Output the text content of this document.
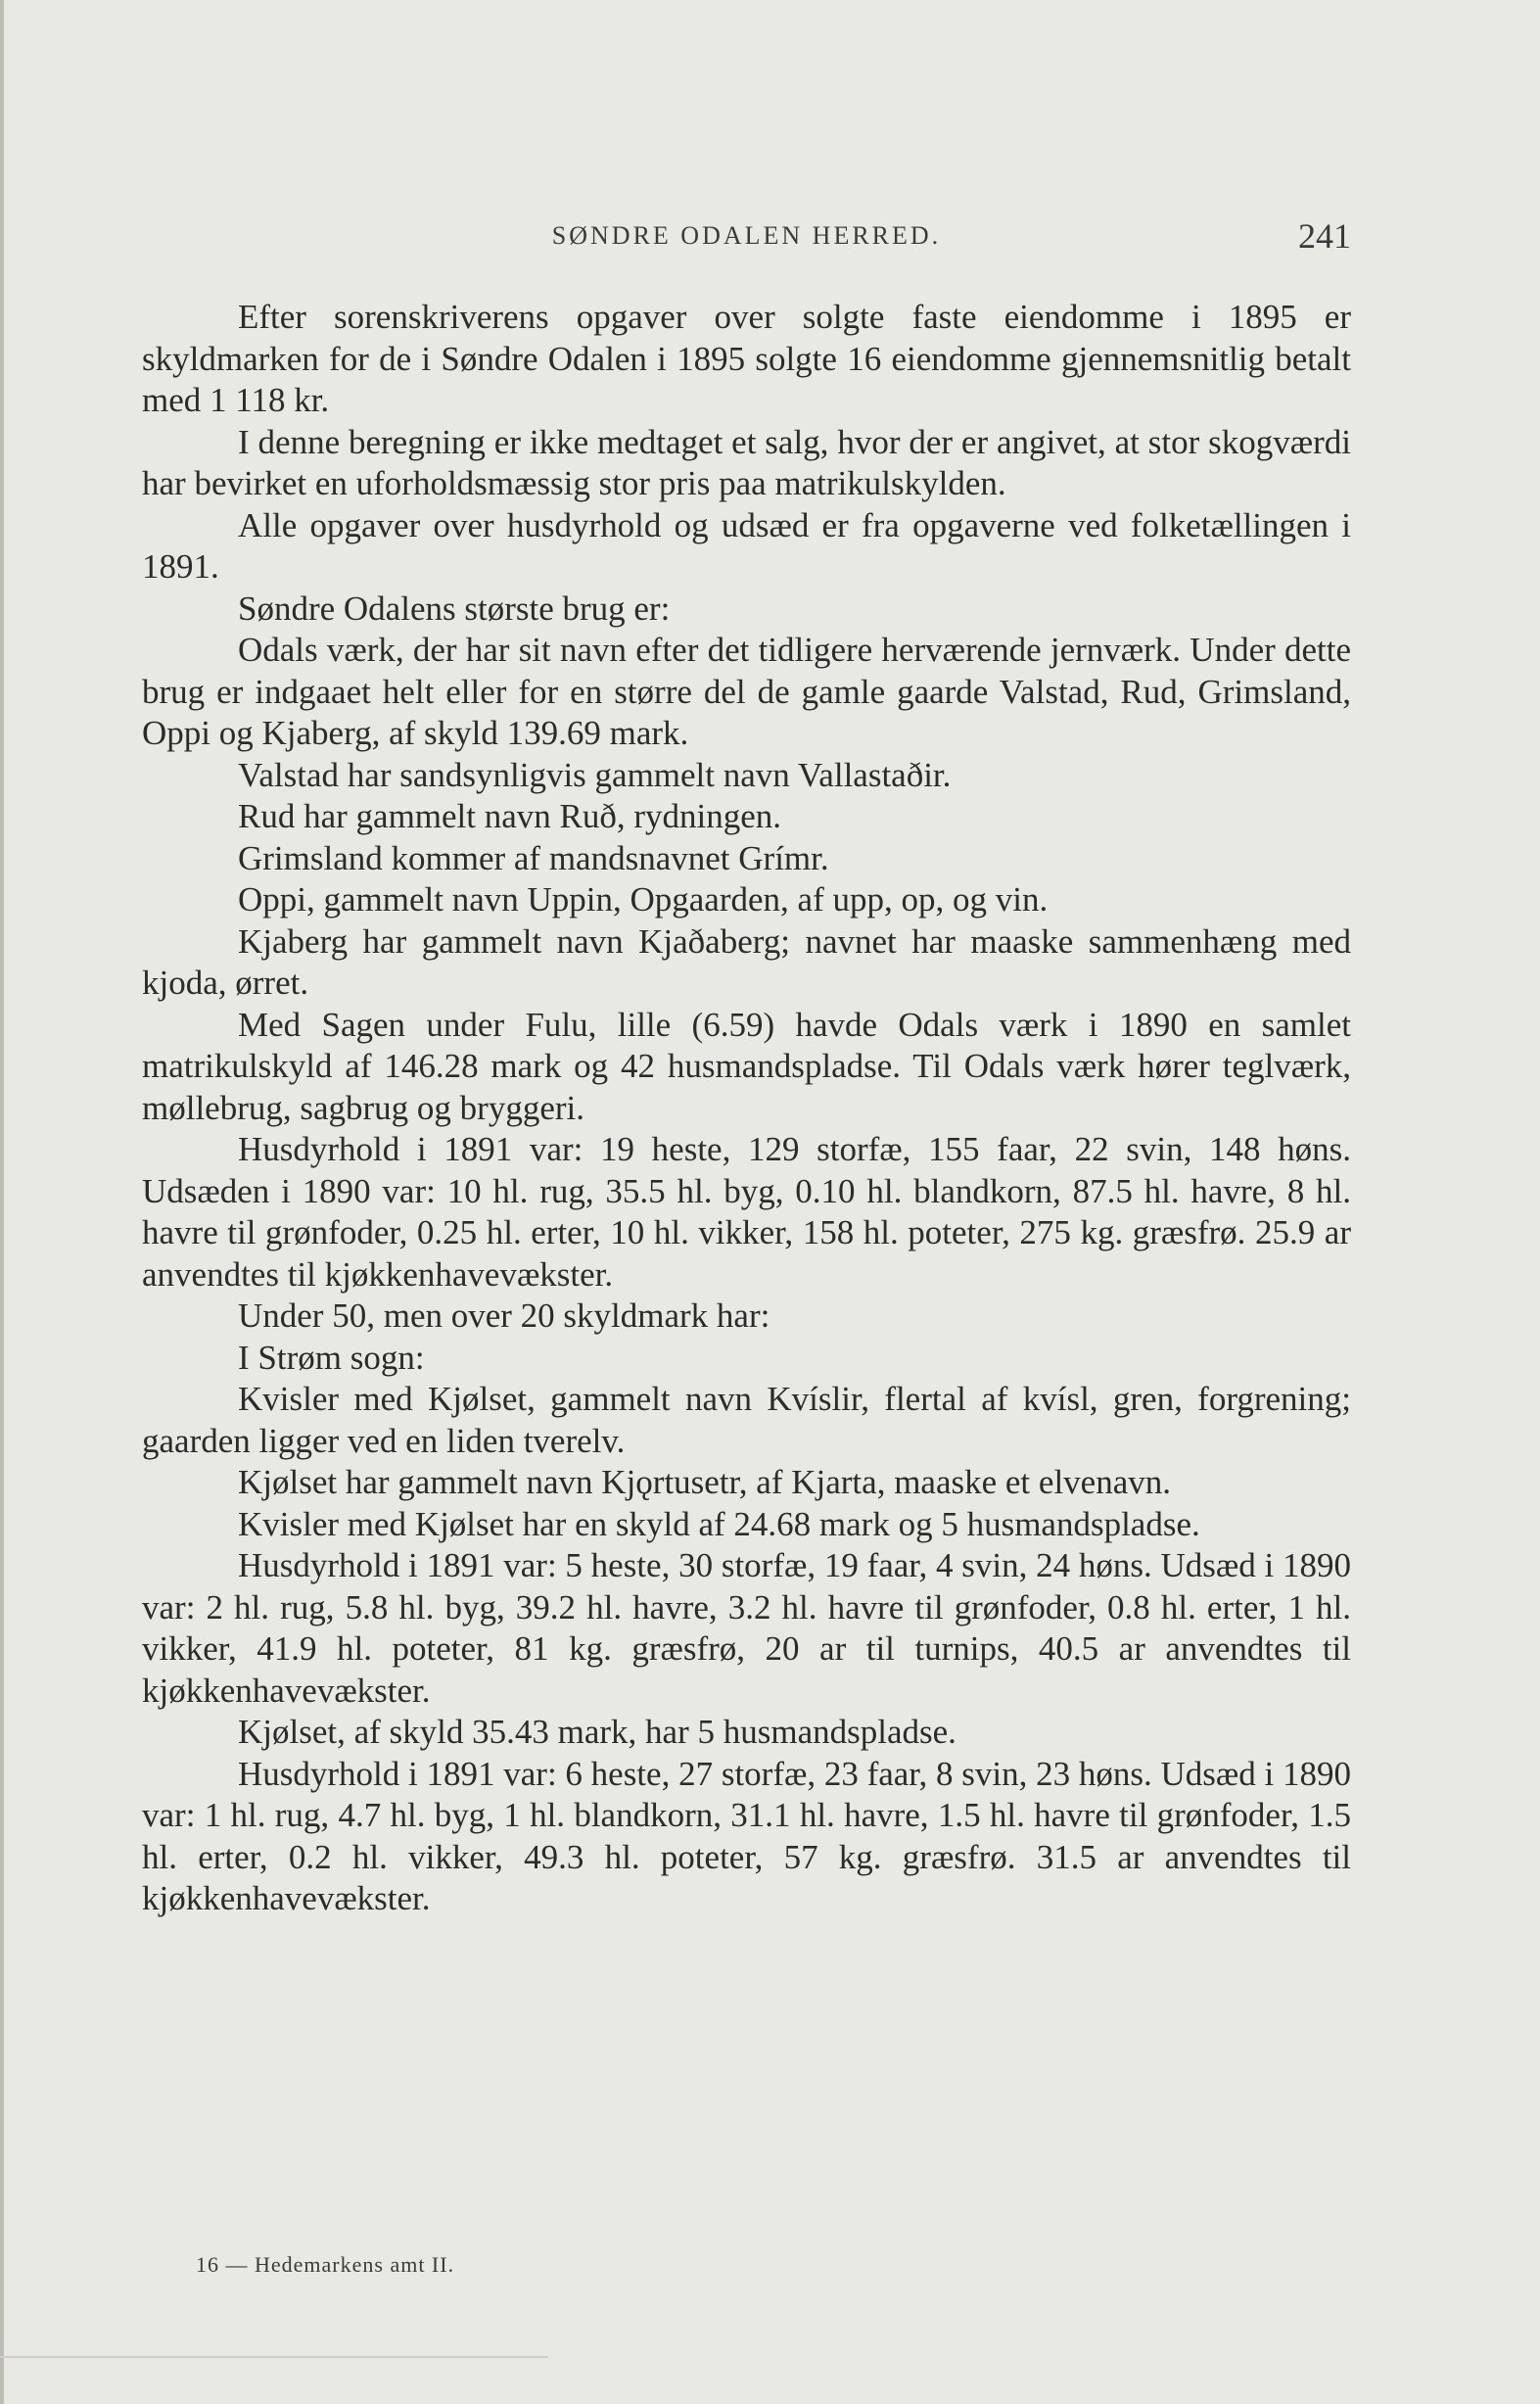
SØNDRE ODALEN HERRED.	241

Efter sorenskriverens opgaver over solgte faste eiendomme i 1895 er skyldmarken for de i Søndre Odalen i 1895 solgte 16 eiendomme gjennemsnitlig betalt med 1 118 kr.

I denne beregning er ikke medtaget et salg, hvor der er angivet, at stor skogværdi har bevirket en uforholdsmæssig stor pris paa matrikulskylden.

Alle opgaver over husdyrhold og udsæd er fra opgaverne ved folketællingen i 1891.

Søndre Odalens største brug er:

Odals værk, der har sit navn efter det tidligere herværende jernværk. Under dette brug er indgaaet helt eller for en større del de gamle gaarde Valstad, Rud, Grimsland, Oppi og Kjaberg, af skyld 139.69 mark.

Valstad har sandsynligvis gammelt navn Vallastaðir.

Rud har gammelt navn Ruð, rydningen.

Grimsland kommer af mandsnavnet Grímr.

Oppi, gammelt navn Uppin, Opgaarden, af upp, op, og vin.

Kjaberg har gammelt navn Kjaðaberg; navnet har maaske sammenhæng med kjoda, ørret.

Med Sagen under Fulu, lille (6.59) havde Odals værk i 1890 en samlet matrikulskyld af 146.28 mark og 42 husmandspladse. Til Odals værk hører teglværk, møllebrug, sagbrug og bryggeri.

Husdyrhold i 1891 var: 19 heste, 129 storfæ, 155 faar, 22 svin, 148 høns. Udsæden i 1890 var: 10 hl. rug, 35.5 hl. byg, 0.10 hl. blandkorn, 87.5 hl. havre, 8 hl. havre til grønfoder, 0.25 hl. erter, 10 hl. vikker, 158 hl. poteter, 275 kg. græsfrø. 25.9 ar anvendtes til kjøkkenhavevækster.

Under 50, men over 20 skyldmark har:

I Strøm sogn:

Kvisler med Kjølset, gammelt navn Kvíslir, flertal af kvísl, gren, forgrening; gaarden ligger ved en liden tverelv.

Kjølset har gammelt navn Kjǫrtusetr, af Kjarta, maaske et elvenavn.

Kvisler med Kjølset har en skyld af 24.68 mark og 5 husmandspladse.

Husdyrhold i 1891 var: 5 heste, 30 storfæ, 19 faar, 4 svin, 24 høns. Udsæd i 1890 var: 2 hl. rug, 5.8 hl. byg, 39.2 hl. havre, 3.2 hl. havre til grønfoder, 0.8 hl. erter, 1 hl. vikker, 41.9 hl. poteter, 81 kg. græsfrø, 20 ar til turnips, 40.5 ar anvendtes til kjøkkenhavevækster.

Kjølset, af skyld 35.43 mark, har 5 husmandspladse.

Husdyrhold i 1891 var: 6 heste, 27 storfæ, 23 faar, 8 svin, 23 høns. Udsæd i 1890 var: 1 hl. rug, 4.7 hl. byg, 1 hl. blandkorn, 31.1 hl. havre, 1.5 hl. havre til grønfoder, 1.5 hl. erter, 0.2 hl. vikker, 49.3 hl. poteter, 57 kg. græsfrø. 31.5 ar anvendtes til kjøkkenhavevækster.

16 — Hedemarkens amt II.
